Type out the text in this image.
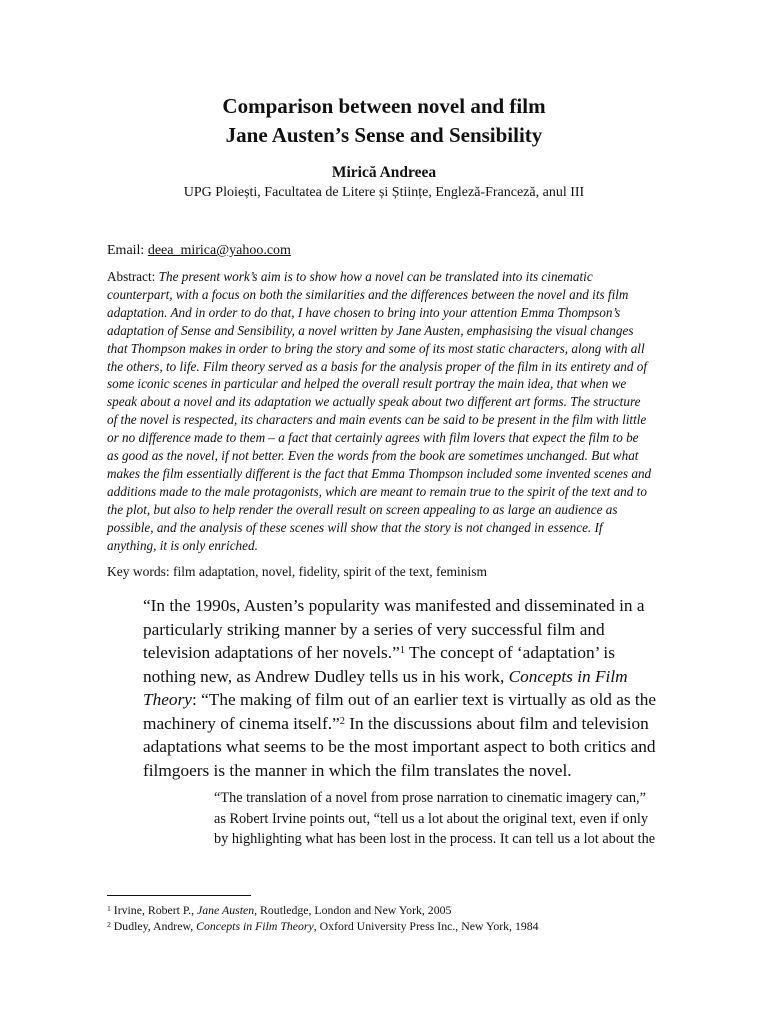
Comparison between novel and film
Jane Austen’s Sense and Sensibility
Mirică Andreea
UPG Ploiești, Facultatea de Litere și Științe, Engleză-Franceză, anul III
Email: deea_mirica@yahoo.com
Abstract: The present work’s aim is to show how a novel can be translated into its cinematic
counterpart, with a focus on both the similarities and the differences between the novel and its film
adaptation. And in order to do that, I have chosen to bring into your attention Emma Thompson’s
adaptation of Sense and Sensibility, a novel written by Jane Austen, emphasising the visual changes
that Thompson makes in order to bring the story and some of its most static characters, along with all
the others, to life. Film theory served as a basis for the analysis proper of the film in its entirety and of
some iconic scenes in particular and helped the overall result portray the main idea, that when we
speak about a novel and its adaptation we actually speak about two different art forms. The structure
of the novel is respected, its characters and main events can be said to be present in the film with little
or no difference made to them – a fact that certainly agrees with film lovers that expect the film to be
as good as the novel, if not better. Even the words from the book are sometimes unchanged. But what
makes the film essentially different is the fact that Emma Thompson included some invented scenes and
additions made to the male protagonists, which are meant to remain true to the spirit of the text and to
the plot, but also to help render the overall result on screen appealing to as large an audience as
possible, and the analysis of these scenes will show that the story is not changed in essence. If
anything, it is only enriched.
Key words: film adaptation, novel, fidelity, spirit of the text, feminism
“In the 1990s, Austen’s popularity was manifested and disseminated in a
particularly striking manner by a series of very successful film and
television adaptations of her novels.”$^1$ The concept of ‘adaptation’ is
nothing new, as Andrew Dudley tells us in his work, Concepts in Film
Theory: “The making of film out of an earlier text is virtually as old as the
machinery of cinema itself.”$^2$ In the discussions about film and television
adaptations what seems to be the most important aspect to both critics and
filmgoers is the manner in which the film translates the novel.
“The translation of a novel from prose narration to cinematic imagery can,”
as Robert Irvine points out, “tell us a lot about the original text, even if only
by highlighting what has been lost in the process. It can tell us a lot about the
$^1$ Irvine, Robert P., Jane Austen, Routledge, London and New York, 2005
$^2$ Dudley, Andrew, Concepts in Film Theory, Oxford University Press Inc., New York, 1984
